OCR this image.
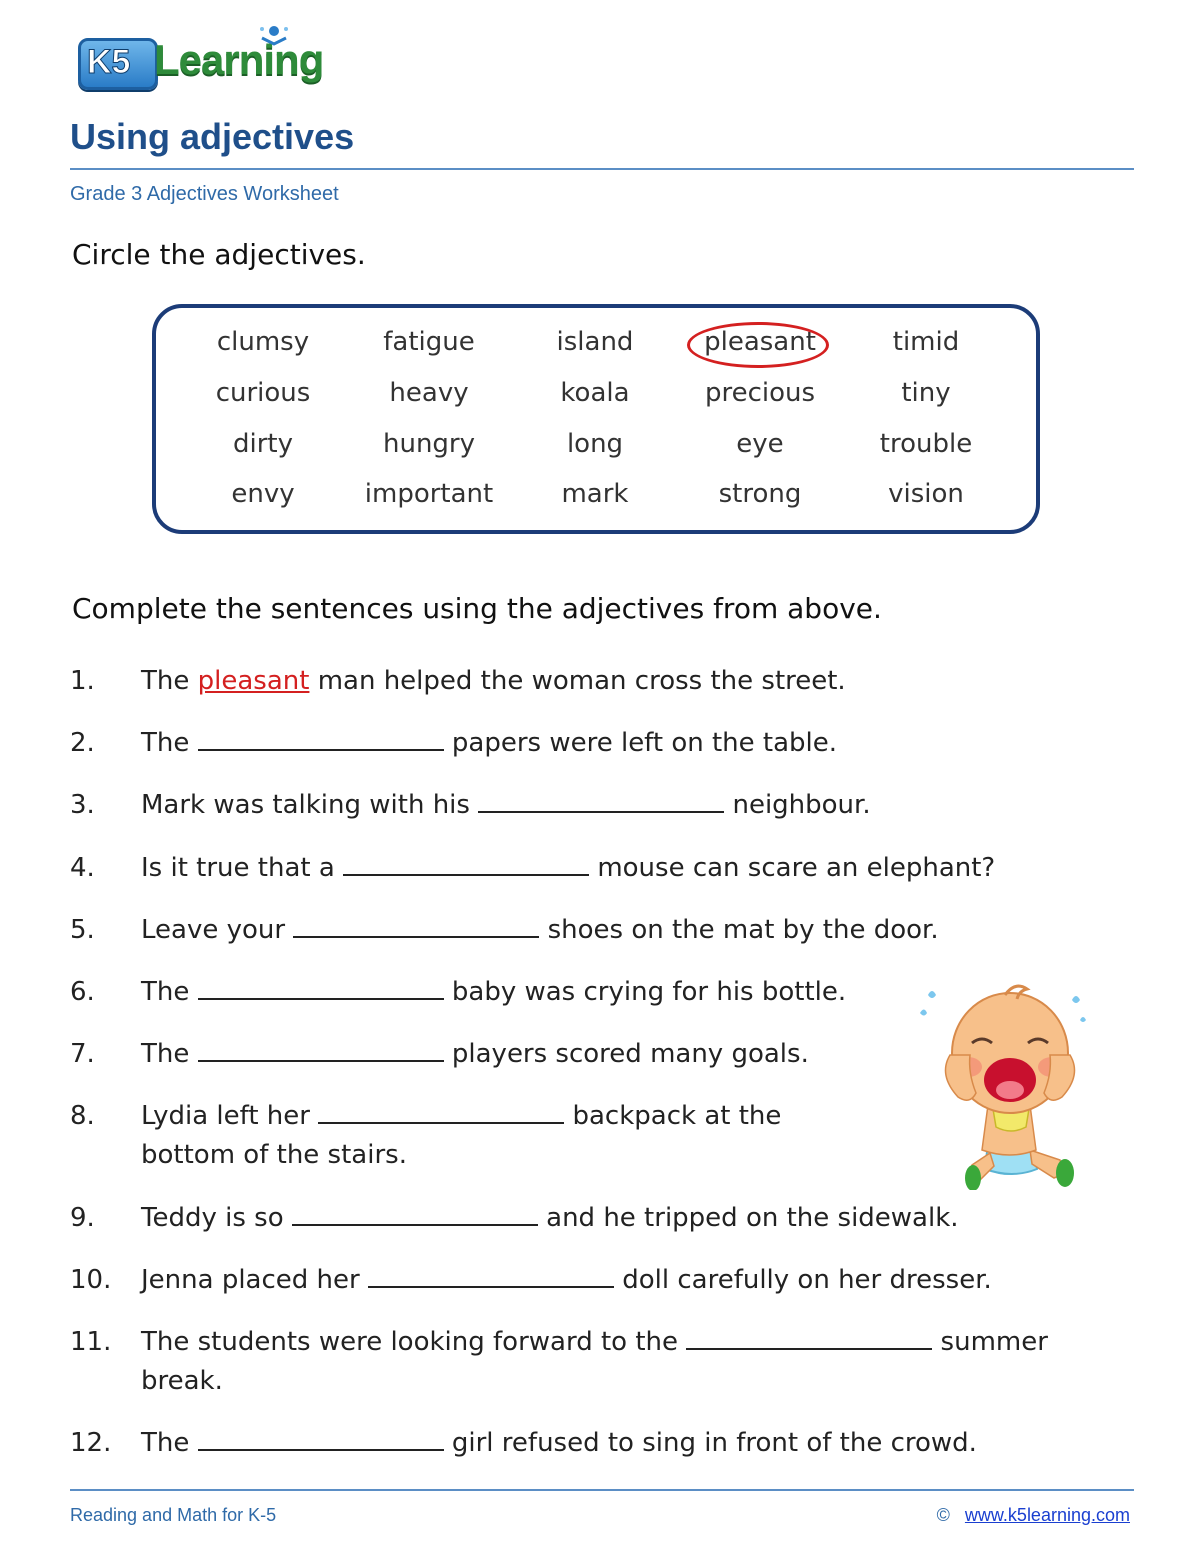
K5 Learning
Using adjectives
Grade 3 Adjectives Worksheet
Circle the adjectives.
clumsy	fatigue	island	pleasant	timid
curious	heavy	koala	precious	tiny
dirty	hungry	long	eye	trouble
envy	important	mark	strong	vision
Complete the sentences using the adjectives from above.
1. The pleasant man helped the woman cross the street.
2. The	papers were left on the table.
3. Mark was talking with his	neighbour.
4. Is it true that a	mouse can scare an elephant?
5. Leave your	shoes on the mat by the door.
6. The	baby was crying for his bottle.
7. The	players scored many goals.
8. Lydia left her	backpack at the bottom of the stairs.
9. Teddy is so	and he tripped on the sidewalk.
10. Jenna placed her	doll carefully on her dresser.
11. The students were looking forward to the	summer break.
12. The	girl refused to sing in front of the crowd.
Reading and Math for K-5	© www.k5learning.com
